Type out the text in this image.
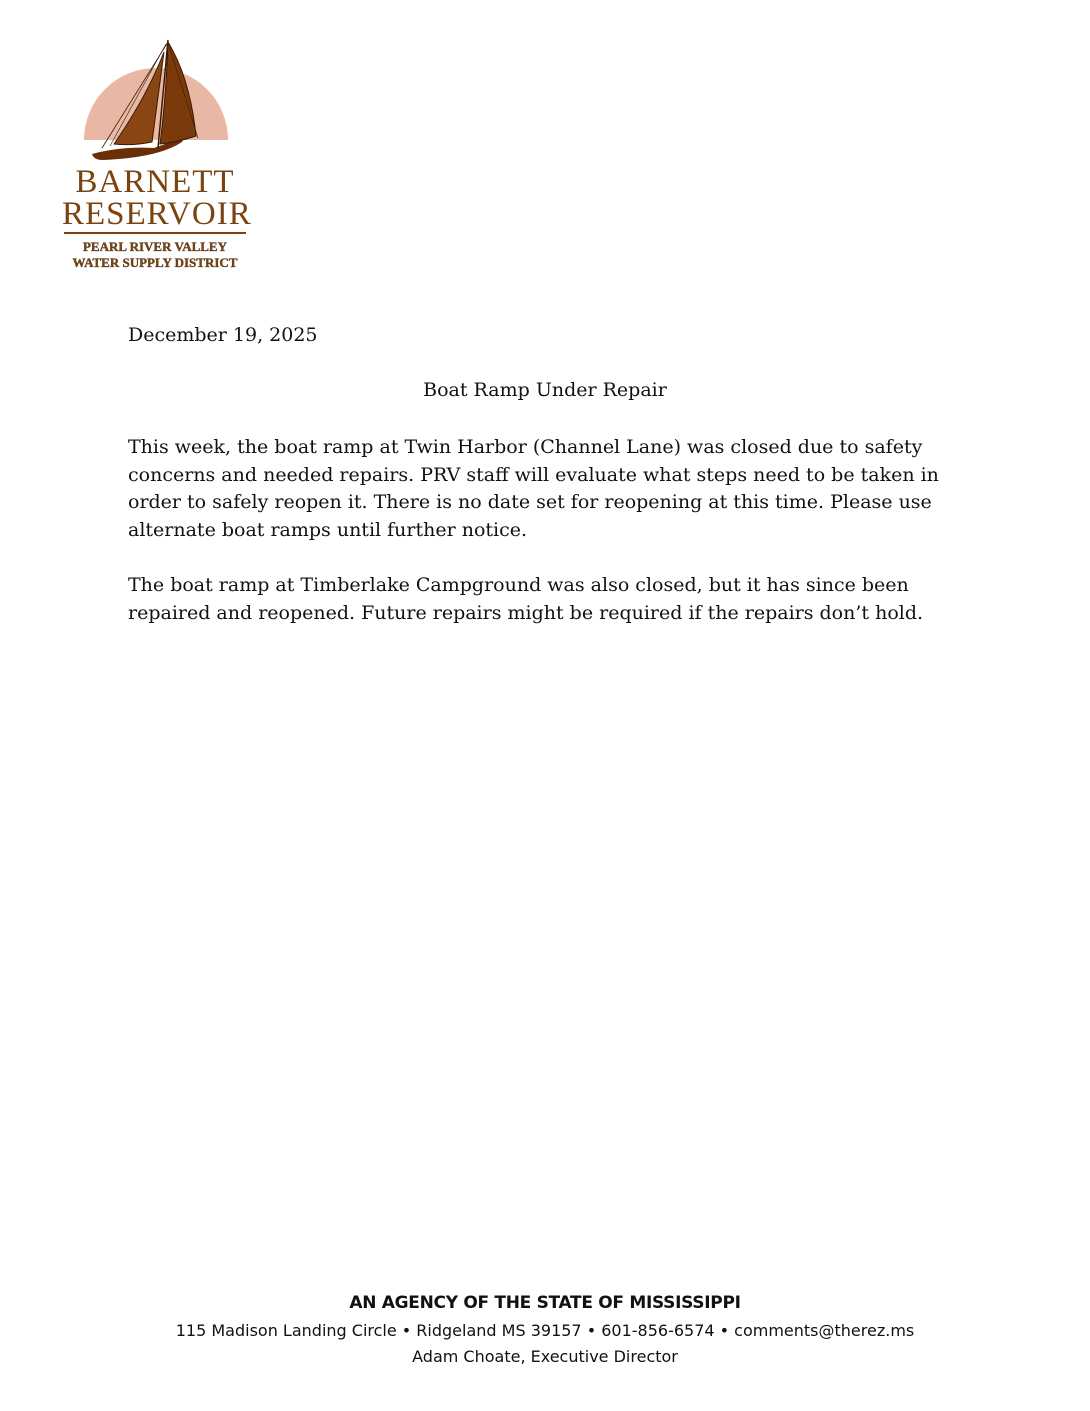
BARNETT
RESERVOIR
PEARL RIVER VALLEY
WATER SUPPLY DISTRICT
December 19, 2025
Boat Ramp Under Repair
This week, the boat ramp at Twin Harbor (Channel Lane) was closed due to safety concerns and needed repairs. PRV staff will evaluate what steps need to be taken in order to safely reopen it. There is no date set for reopening at this time. Please use alternate boat ramps until further notice.
The boat ramp at Timberlake Campground was also closed, but it has since been repaired and reopened. Future repairs might be required if the repairs don’t hold.
AN AGENCY OF THE STATE OF MISSISSIPPI
115 Madison Landing Circle • Ridgeland MS 39157 • 601-856-6574 • comments@therez.ms
Adam Choate, Executive Director
